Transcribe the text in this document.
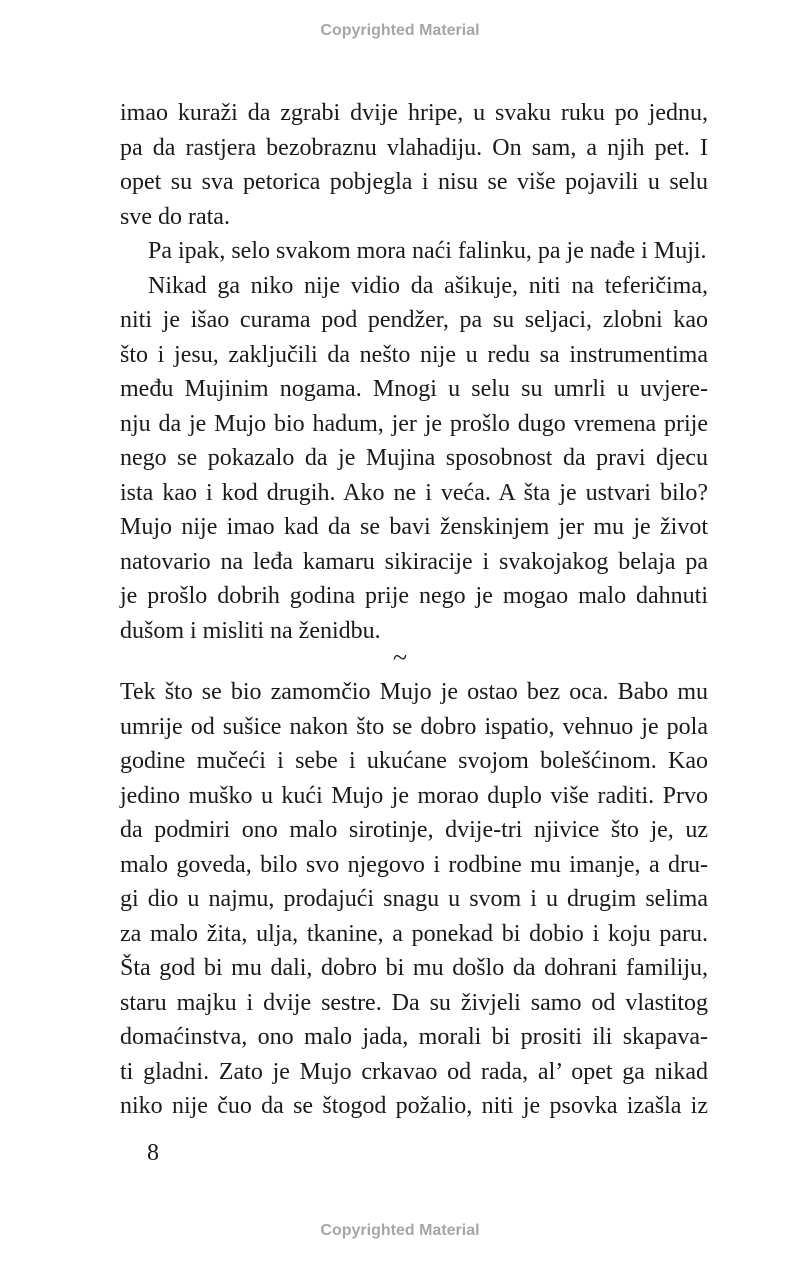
Copyrighted Material
imao kuraži da zgrabi dvije hripe, u svaku ruku po jednu,
pa da rastjera bezobraznu vlahadiju. On sam, a njih pet. I
opet su sva petorica pobjegla i nisu se više pojavili u selu
sve do rata.
Pa ipak, selo svakom mora naći falinku, pa je nađe i Muji.
Nikad ga niko nije vidio da ašikuje, niti na teferičima,
niti je išao curama pod pendžer, pa su seljaci, zlobni kao
što i jesu, zaključili da nešto nije u redu sa instrumentima
među Mujinim nogama. Mnogi u selu su umrli u uvjere-
nju da je Mujo bio hadum, jer je prošlo dugo vremena prije
nego se pokazalo da je Mujina sposobnost da pravi djecu
ista kao i kod drugih. Ako ne i veća. A šta je ustvari bilo?
Mujo nije imao kad da se bavi ženskinjem jer mu je život
natovario na leđa kamaru sikiracije i svakojakog belaja pa
je prošlo dobrih godina prije nego je mogao malo dahnuti
dušom i misliti na ženidbu.
~
Tek što se bio zamomčio Mujo je ostao bez oca. Babo mu
umrije od sušice nakon što se dobro ispatio, vehnuo je pola
godine mučeći i sebe i ukućane svojom bolešćinom. Kao
jedino muško u kući Mujo je morao duplo više raditi. Prvo
da podmiri ono malo sirotinje, dvije-tri njivice što je, uz
malo goveda, bilo svo njegovo i rodbine mu imanje, a dru-
gi dio u najmu, prodajući snagu u svom i u drugim selima
za malo žita, ulja, tkanine, a ponekad bi dobio i koju paru.
Šta god bi mu dali, dobro bi mu došlo da dohrani familiju,
staru majku i dvije sestre. Da su živjeli samo od vlastitog
domaćinstva, ono malo jada, morali bi prositi ili skapava-
ti gladni. Zato je Mujo crkavao od rada, al’ opet ga nikad
niko nije čuo da se štogod požalio, niti je psovka izašla iz
8
Copyrighted Material
